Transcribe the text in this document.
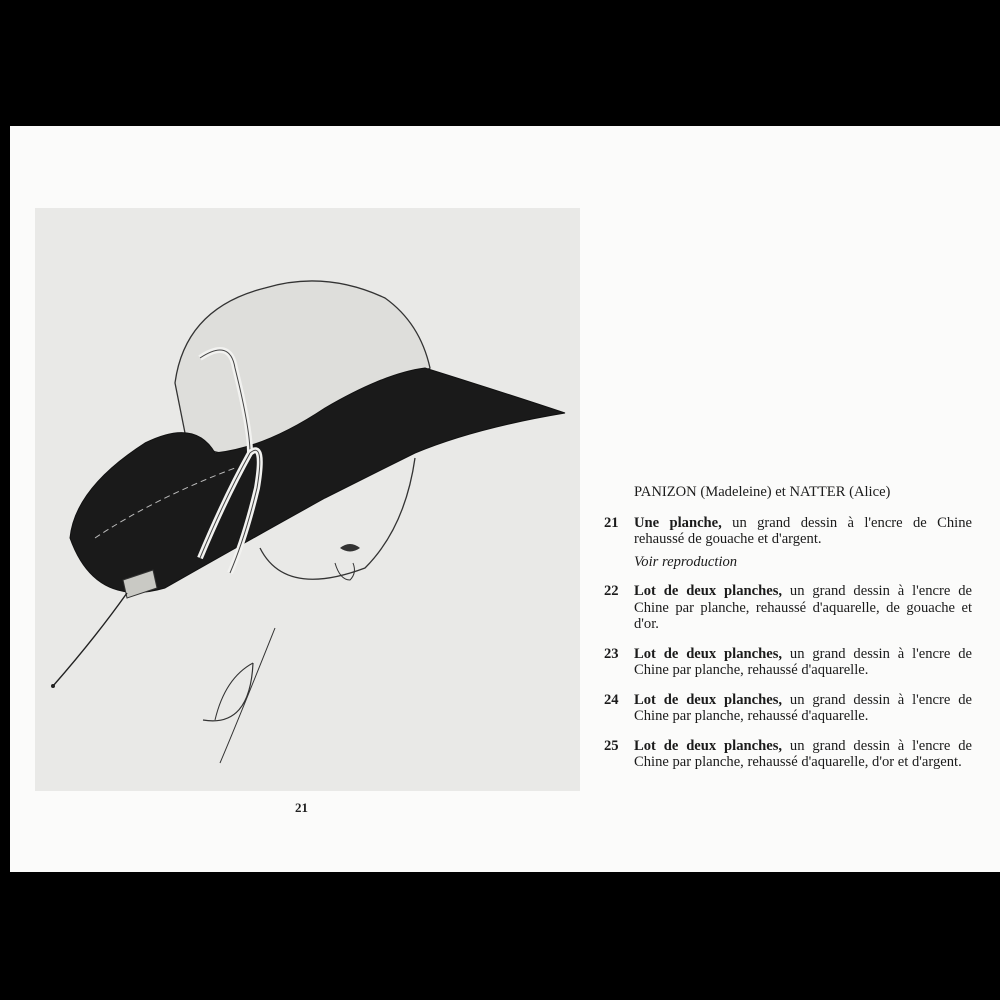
21
PANIZON (Madeleine) et NATTER (Alice)
21	Une planche, un grand dessin à l'encre de Chine rehaussé de gouache et d'argent.
Voir reproduction
22	Lot de deux planches, un grand dessin à l'encre de Chine par planche, rehaussé d'aquarelle, de gouache et d'or.
23	Lot de deux planches, un grand dessin à l'encre de Chine par planche, rehaussé d'aquarelle.
24	Lot de deux planches, un grand dessin à l'encre de Chine par planche, rehaussé d'aquarelle.
25	Lot de deux planches, un grand dessin à l'encre de Chine par planche, rehaussé d'aquarelle, d'or et d'argent.
